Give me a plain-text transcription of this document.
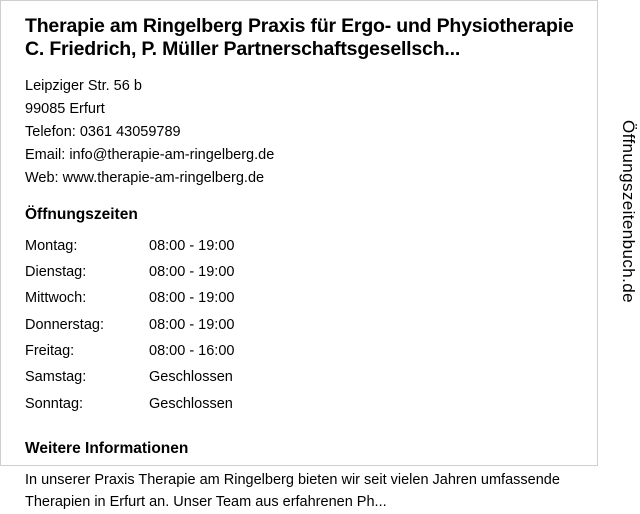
Therapie am Ringelberg Praxis für Ergo- und Physiotherapie C. Friedrich, P. Müller Partnerschaftsgesellsch...
Leipziger Str. 56 b
99085 Erfurt
Telefon: 0361 43059789
Email: info@therapie-am-ringelberg.de
Web: www.therapie-am-ringelberg.de
Öffnungszeiten
Montag:	08:00 - 19:00
Dienstag:	08:00 - 19:00
Mittwoch:	08:00 - 19:00
Donnerstag:	08:00 - 19:00
Freitag:	08:00 - 16:00
Samstag:	Geschlossen
Sonntag:	Geschlossen
Weitere Informationen

In unserer Praxis Therapie am Ringelberg bieten wir seit vielen Jahren umfassende Therapien in Erfurt an. Unser Team aus erfahrenen Ph...

Öffnungszeitenbuch.de
